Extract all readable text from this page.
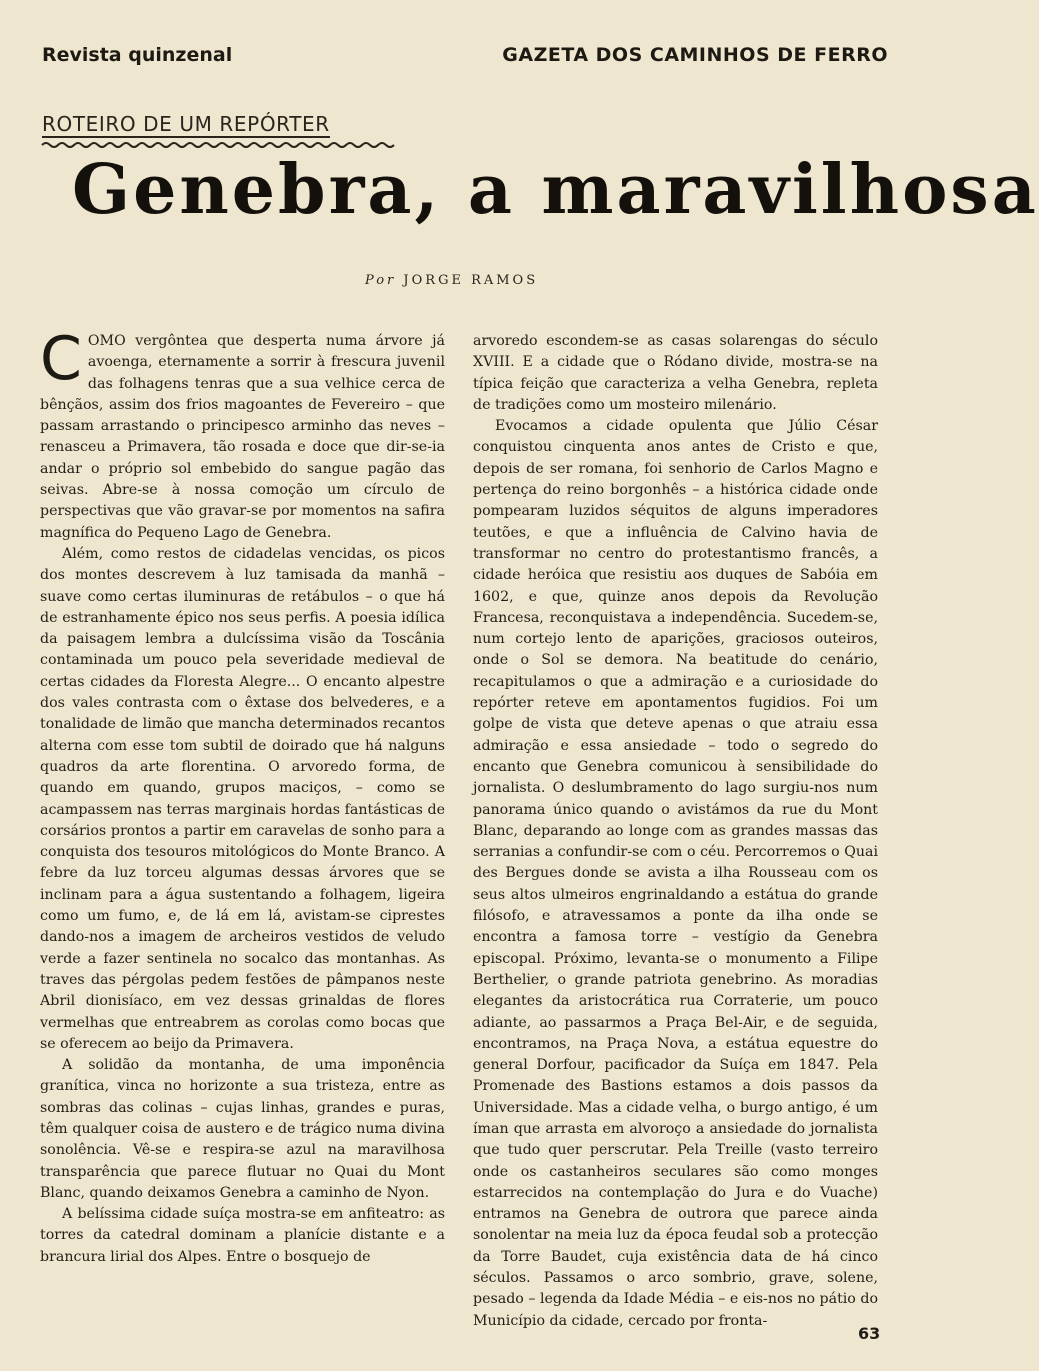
Revista quinzenal	GAZETA DOS CAMINHOS DE FERRO
ROTEIRO DE UM REPÓRTER
Genebra, a maravilhosa
Por JORGE RAMOS

C OMO vergôntea que desperta numa árvore já avoenga, eternamente a sorrir à frescura juvenil das folhagens tenras que a sua velhice cerca de bênçãos, assim dos frios magoantes de Fevereiro – que passam arrastando o principesco arminho das neves – renasceu a Primavera, tão rosada e doce que dir-se-ia andar o próprio sol embebido do sangue pagão das seivas. Abre-se à nossa comoção um círculo de perspectivas que vão gravar-se por momentos na safira magnífica do Pequeno Lago de Genebra.

Além, como restos de cidadelas vencidas, os picos dos montes descrevem à luz tamisada da manhã – suave como certas iluminuras de retábulos – o que há de estranhamente épico nos seus perfis. A poesia idílica da paisagem lembra a dulcíssima visão da Toscânia contaminada um pouco pela severidade medieval de certas cidades da Floresta Alegre... O encanto alpestre dos vales contrasta com o êxtase dos belvederes, e a tonalidade de limão que mancha determinados recantos alterna com esse tom subtil de doirado que há nalguns quadros da arte florentina. O arvoredo forma, de quando em quando, grupos maciços, – como se acampassem nas terras marginais hordas fantásticas de corsários prontos a partir em caravelas de sonho para a conquista dos tesouros mitológicos do Monte Branco. A febre da luz torceu algumas dessas árvores que se inclinam para a água sustentando a folhagem, ligeira como um fumo, e, de lá em lá, avistam-se ciprestes dando-nos a imagem de archeiros vestidos de veludo verde a fazer sentinela no socalco das montanhas. As traves das pérgolas pedem festões de pâmpanos neste Abril dionisíaco, em vez dessas grinaldas de flores vermelhas que entreabrem as corolas como bocas que se oferecem ao beijo da Primavera.

A solidão da montanha, de uma imponência granítica, vinca no horizonte a sua tristeza, entre as sombras das colinas – cujas linhas, grandes e puras, têm qualquer coisa de austero e de trágico numa divina sonolência. Vê-se e respira-se azul na maravilhosa transparência que parece flutuar no Quai du Mont Blanc, quando deixamos Genebra a caminho de Nyon.

A belíssima cidade suíça mostra-se em anfiteatro: as torres da catedral dominam a planície distante e a brancura lirial dos Alpes. Entre o bosquejo de

arvoredo escondem-se as casas solarengas do século XVIII. E a cidade que o Ródano divide, mostra-se na típica feição que caracteriza a velha Genebra, repleta de tradições como um mosteiro milenário.

Evocamos a cidade opulenta que Júlio César conquistou cinquenta anos antes de Cristo e que, depois de ser romana, foi senhorio de Carlos Magno e pertença do reino borgonhês – a histórica cidade onde pompearam luzidos séquitos de alguns imperadores teutões, e que a influência de Calvino havia de transformar no centro do protestantismo francês, a cidade heróica que resistiu aos duques de Sabóia em 1602, e que, quinze anos depois da Revolução Francesa, reconquistava a independência. Sucedem-se, num cortejo lento de aparições, graciosos outeiros, onde o Sol se demora. Na beatitude do cenário, recapitulamos o que a admiração e a curiosidade do repórter reteve em apontamentos fugidios. Foi um golpe de vista que deteve apenas o que atraiu essa admiração e essa ansiedade – todo o segredo do encanto que Genebra comunicou à sensibilidade do jornalista. O deslumbramento do lago surgiu-nos num panorama único quando o avistámos da rue du Mont Blanc, deparando ao longe com as grandes massas das serranias a confundir-se com o céu. Percorremos o Quai des Bergues donde se avista a ilha Rousseau com os seus altos ulmeiros engrinaldando a estátua do grande filósofo, e atravessamos a ponte da ilha onde se encontra a famosa torre – vestígio da Genebra episcopal. Próximo, levanta-se o monumento a Filipe Berthelier, o grande patriota genebrino. As moradias elegantes da aristocrática rua Corraterie, um pouco adiante, ao passarmos a Praça Bel-Air, e de seguida, encontramos, na Praça Nova, a estátua equestre do general Dorfour, pacificador da Suíça em 1847. Pela Promenade des Bastions estamos a dois passos da Universidade. Mas a cidade velha, o burgo antigo, é um íman que arrasta em alvoroço a ansiedade do jornalista que tudo quer perscrutar. Pela Treille (vasto terreiro onde os castanheiros seculares são como monges estarrecidos na contemplação do Jura e do Vuache) entramos na Genebra de outrora que parece ainda sonolentar na meia luz da época feudal sob a protecção da Torre Baudet, cuja existência data de há cinco séculos. Passamos o arco sombrio, grave, solene, pesado – legenda da Idade Média – e eis-nos no pátio do Município da cidade, cercado por fronta-

63
